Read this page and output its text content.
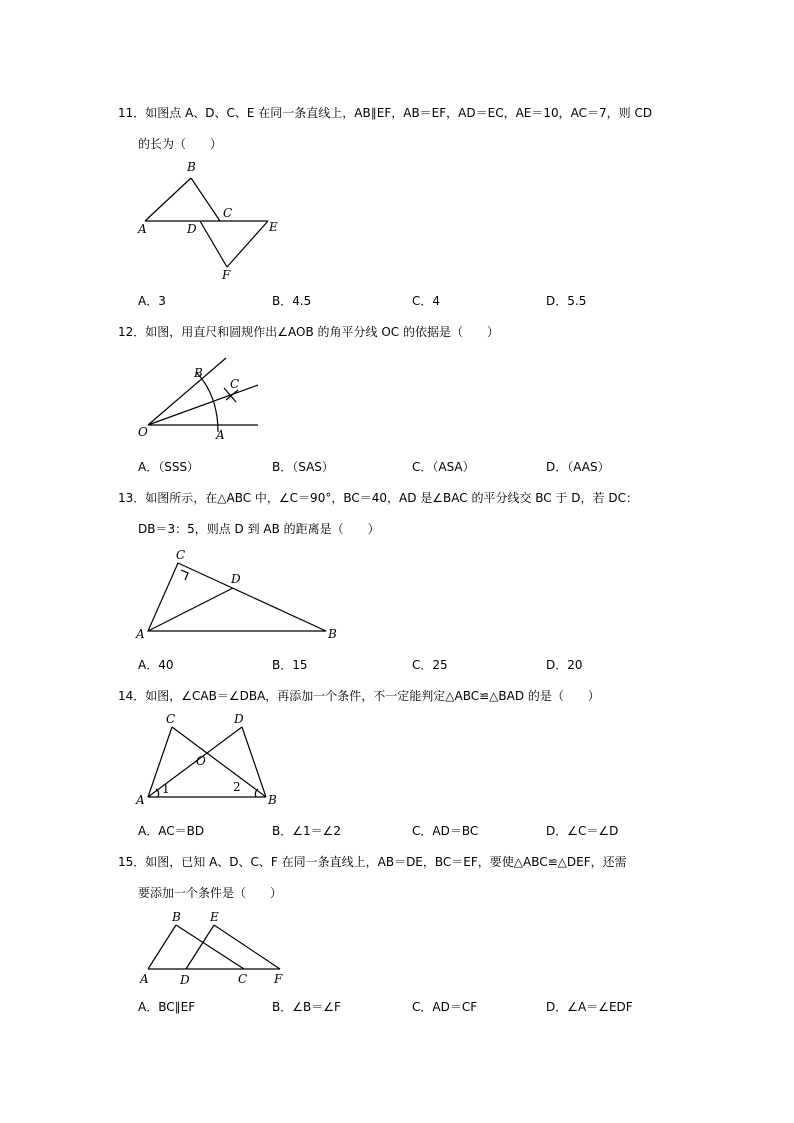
11．如图点 A、D、C、E 在同一条直线上，AB∥EF，AB＝EF，AD＝EC，AE＝10，AC＝7，则 CD
的长为（　　）
B
C
A	D	E
F
A．3	B．4.5	C．4	D．5.5
12．如图，用直尺和圆规作出∠AOB 的角平分线 OC 的依据是（　　）
O	A
B
C
A．（SSS）	B．（SAS）	C．（ASA）	D．（AAS）
13．如图所示，在△ABC 中，∠C＝90°，BC＝40，AD 是∠BAC 的平分线交 BC 于 D，若 DC：
DB＝3：5，则点 D 到 AB 的距离是（　　）
C
D
A	B
A．40	B．15	C．25	D．20
14．如图，∠CAB＝∠DBA，再添加一个条件，不一定能判定△ABC≌△BAD 的是（　　）
C	D
O
A	B
1	2
A．AC＝BD	B．∠1＝∠2	C．AD＝BC	D．∠C＝∠D
15．如图，已知 A、D、C、F 在同一条直线上，AB＝DE，BC＝EF，要使△ABC≌△DEF，还需
要添加一个条件是（　　）
B E
A	D	C F
A．BC∥EF	B．∠B＝∠F	C．AD＝CF	D．∠A＝∠EDF
